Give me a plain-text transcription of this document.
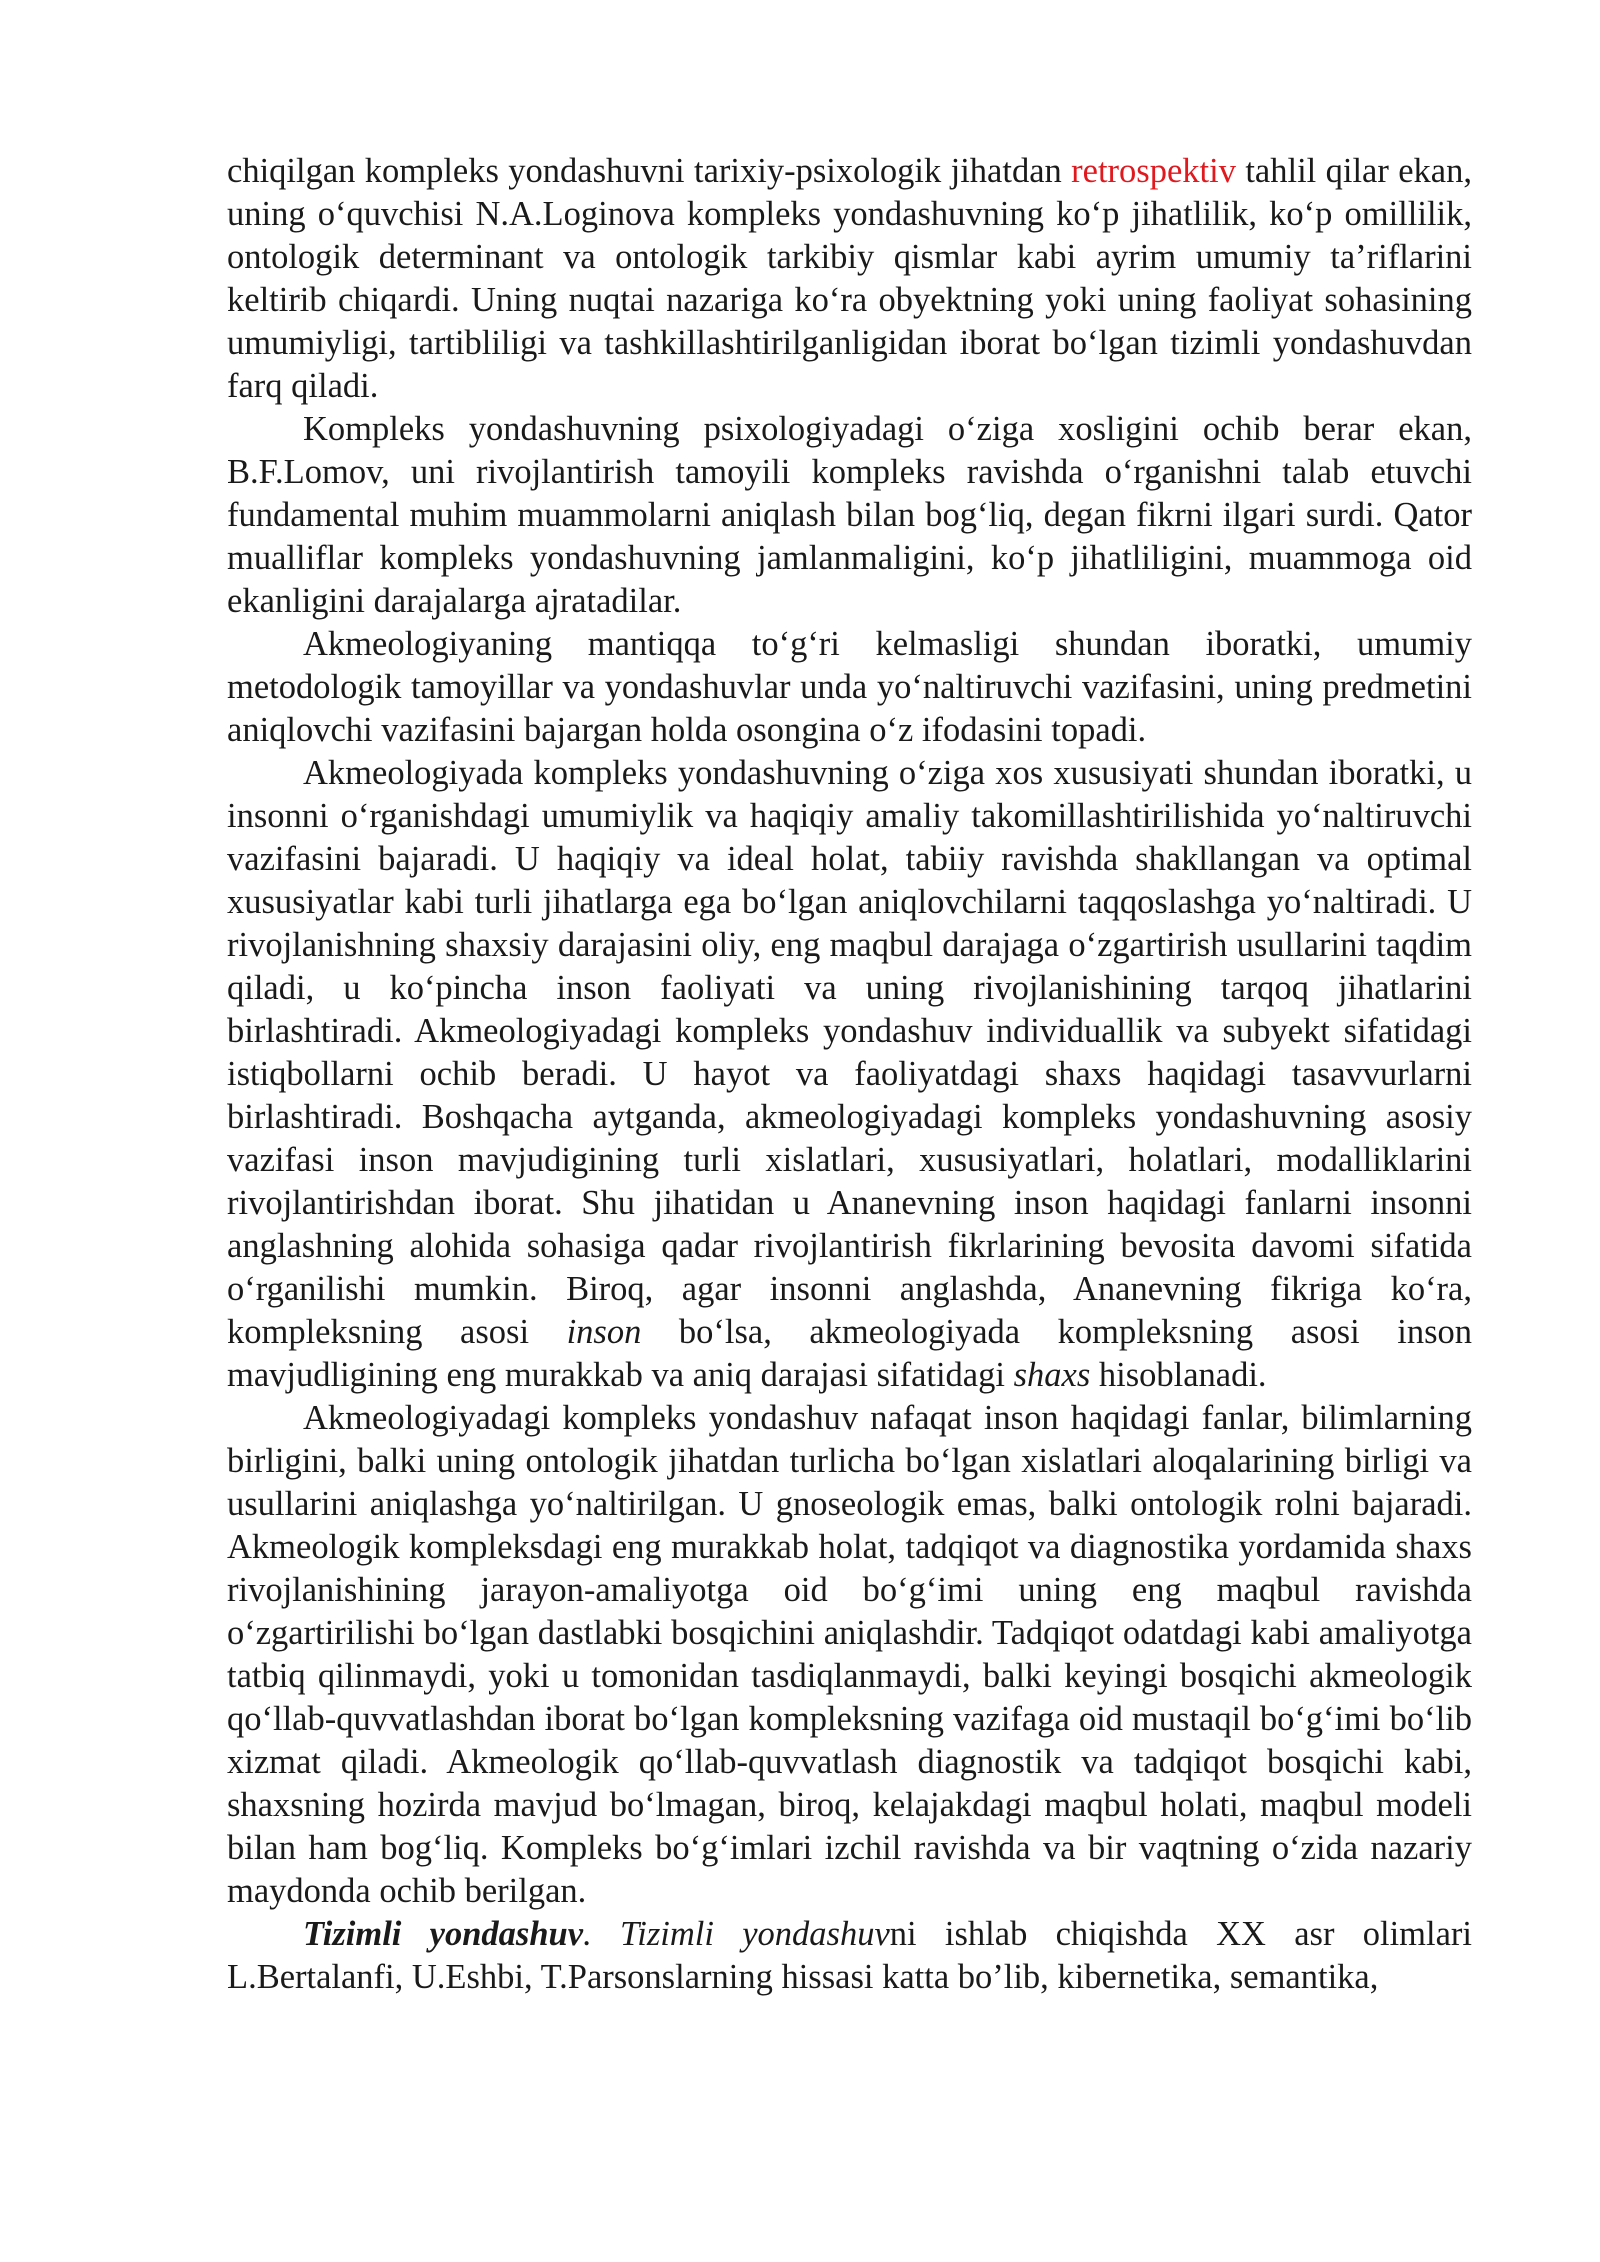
chiqilgan kompleks yondashuvni tarixiy-psixologik jihatdan retrospektiv tahlil qilar ekan, uning o‘quvchisi N.A.Loginova kompleks yondashuvning ko‘p jihatlilik, ko‘p omillilik, ontologik determinant va ontologik tarkibiy qismlar kabi ayrim umumiy ta’riflarini keltirib chiqardi. Uning nuqtai nazariga ko‘ra obyektning yoki uning faoliyat sohasining umumiyligi, tartibliligi va tashkillashtirilganligidan iborat bo‘lgan tizimli yondashuvdan farq qiladi.

Kompleks yondashuvning psixologiyadagi o‘ziga xosligini ochib berar ekan, B.F.Lomov, uni rivojlantirish tamoyili kompleks ravishda o‘rganishni talab etuvchi fundamental muhim muammolarni aniqlash bilan bog‘liq, degan fikrni ilgari surdi. Qator mualliflar kompleks yondashuvning jamlanmaligini, ko‘p jihatliligini, muammoga oid ekanligini darajalarga ajratadilar.

Akmeologiyaning mantiqqa to‘g‘ri kelmasligi shundan iboratki, umumiy metodologik tamoyillar va yondashuvlar unda yo‘naltiruvchi vazifasini, uning predmetini aniqlovchi vazifasini bajargan holda osongina o‘z ifodasini topadi.

Akmeologiyada kompleks yondashuvning o‘ziga xos xususiyati shundan iboratki, u insonni o‘rganishdagi umumiylik va haqiqiy amaliy takomillashtirilishida yo‘naltiruvchi vazifasini bajaradi. U haqiqiy va ideal holat, tabiiy ravishda shakllangan va optimal xususiyatlar kabi turli jihatlarga ega bo‘lgan aniqlovchilarni taqqoslashga yo‘naltiradi. U rivojlanishning shaxsiy darajasini oliy, eng maqbul darajaga o‘zgartirish usullarini taqdim qiladi, u ko‘pincha inson faoliyati va uning rivojlanishining tarqoq jihatlarini birlashtiradi. Akmeologiyadagi kompleks yondashuv individuallik va subyekt sifatidagi istiqbollarni ochib beradi. U hayot va faoliyatdagi shaxs haqidagi tasavvurlarni birlashtiradi. Boshqacha aytganda, akmeologiyadagi kompleks yondashuvning asosiy vazifasi inson mavjudigining turli xislatlari, xususiyatlari, holatlari, modalliklarini rivojlantirishdan iborat. Shu jihatidan u Ananevning inson haqidagi fanlarni insonni anglashning alohida sohasiga qadar rivojlantirish fikrlarining bevosita davomi sifatida o‘rganilishi mumkin. Biroq, agar insonni anglashda, Ananevning fikriga ko‘ra, kompleksning asosi inson bo‘lsa, akmeologiyada kompleksning asosi inson mavjudligining eng murakkab va aniq darajasi sifatidagi shaxs hisoblanadi.

Akmeologiyadagi kompleks yondashuv nafaqat inson haqidagi fanlar, bilimlarning birligini, balki uning ontologik jihatdan turlicha bo‘lgan xislatlari aloqalarining birligi va usullarini aniqlashga yo‘naltirilgan. U gnoseologik emas, balki ontologik rolni bajaradi. Akmeologik kompleksdagi eng murakkab holat, tadqiqot va diagnostika yordamida shaxs rivojlanishining jarayon-amaliyotga oid bo‘g‘imi uning eng maqbul ravishda o‘zgartirilishi bo‘lgan dastlabki bosqichini aniqlashdir. Tadqiqot odatdagi kabi amaliyotga tatbiq qilinmaydi, yoki u tomonidan tasdiqlanmaydi, balki keyingi bosqichi akmeologik qo‘llab-quvvatlashdan iborat bo‘lgan kompleksning vazifaga oid mustaqil bo‘g‘imi bo‘lib xizmat qiladi. Akmeologik qo‘llab-quvvatlash diagnostik va tadqiqot bosqichi kabi, shaxsning hozirda mavjud bo‘lmagan, biroq, kelajakdagi maqbul holati, maqbul modeli bilan ham bog‘liq. Kompleks bo‘g‘imlari izchil ravishda va bir vaqtning o‘zida nazariy maydonda ochib berilgan.

Tizimli yondashuv. Tizimli yondashuvni ishlab chiqishda XX asr olimlari L.Bertalanfi, U.Eshbi, T.Parsonslarning hissasi katta bo’lib, kibernetika, semantika,
